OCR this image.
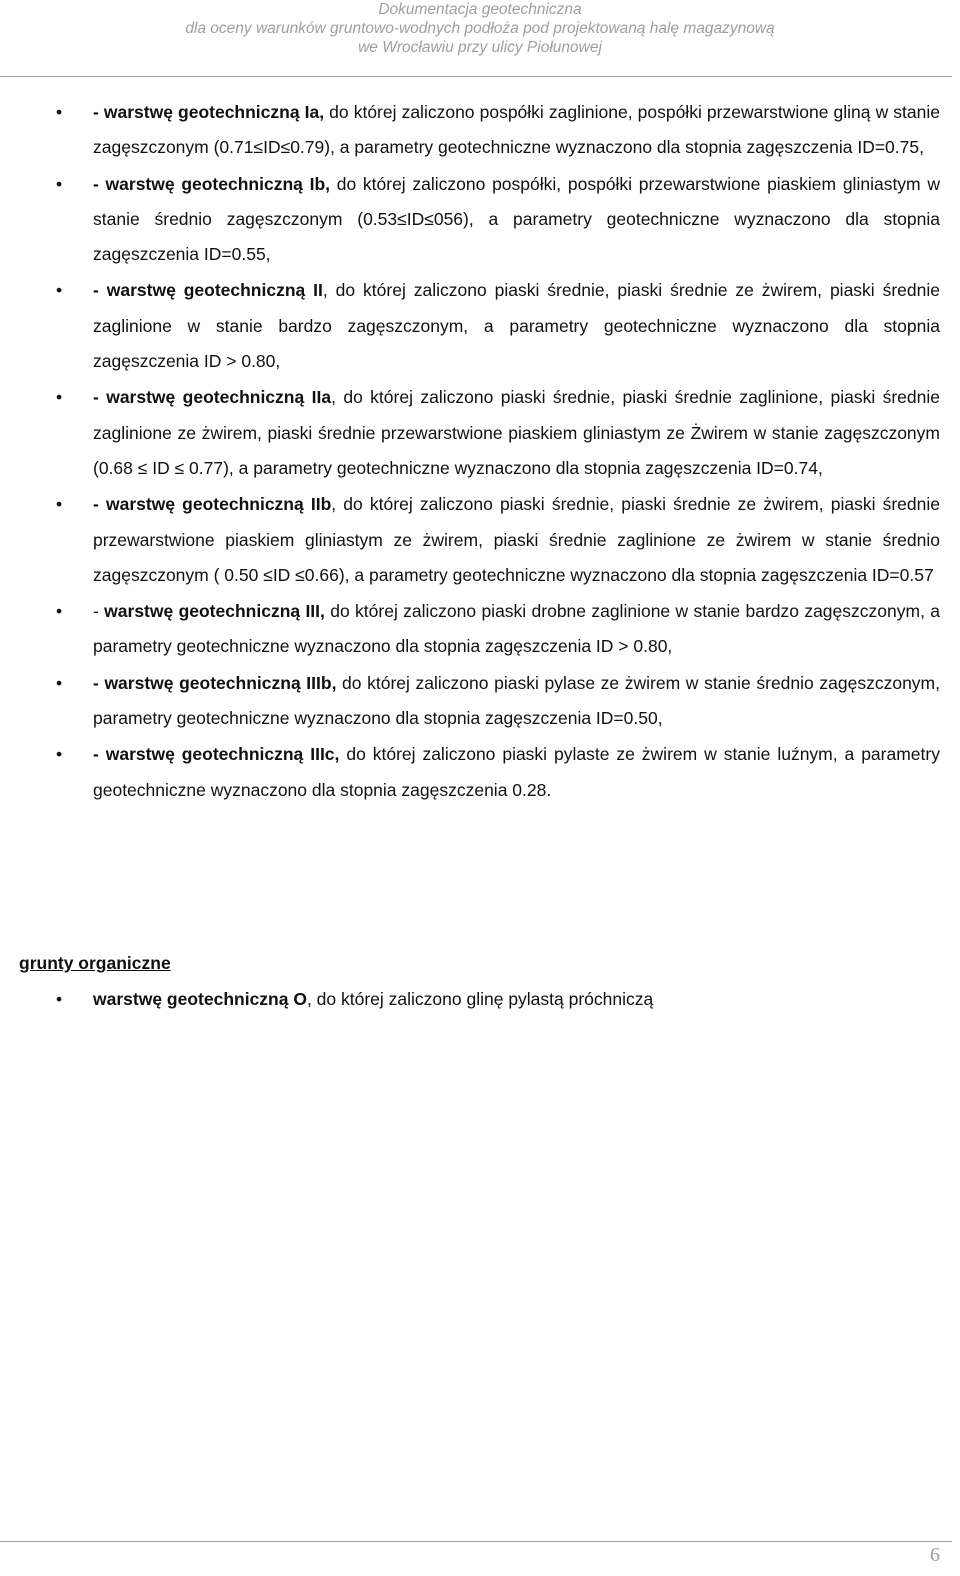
Dokumentacja geotechniczna
dla oceny warunków gruntowo-wodnych podłoża pod projektowaną halę magazynową
we Wrocławiu przy ulicy Piołunowej
• - warstwę geotechniczną Ia, do której zaliczono pospółki zaglinione, pospółki przewarstwione gliną w stanie zagęszczonym (0.71≤ID≤0.79), a parametry geotechniczne wyznaczono dla stopnia zagęszczenia ID=0.75,
• - warstwę geotechniczną Ib, do której zaliczono pospółki, pospółki przewarstwione piaskiem gliniastym w stanie średnio zagęszczonym (0.53≤ID≤056), a parametry geotechniczne wyznaczono dla stopnia zagęszczenia ID=0.55,
• - warstwę geotechniczną II, do której zaliczono piaski średnie, piaski średnie ze żwirem, piaski średnie zaglinione w stanie bardzo zagęszczonym, a parametry geotechniczne wyznaczono dla stopnia zagęszczenia ID > 0.80,
• - warstwę geotechniczną IIa, do której zaliczono piaski średnie, piaski średnie zaglinione, piaski średnie zaglinione ze żwirem, piaski średnie przewarstwione piaskiem gliniastym ze Żwirem w stanie zagęszczonym (0.68 ≤ ID ≤ 0.77), a parametry geotechniczne wyznaczono dla stopnia zagęszczenia ID=0.74,
• - warstwę geotechniczną IIb, do której zaliczono piaski średnie, piaski średnie ze żwirem, piaski średnie przewarstwione piaskiem gliniastym ze żwirem, piaski średnie zaglinione ze żwirem w stanie średnio zagęszczonym ( 0.50 ≤ID ≤0.66), a parametry geotechniczne wyznaczono dla stopnia zagęszczenia ID=0.57
• - warstwę geotechniczną III, do której zaliczono piaski drobne zaglinione w stanie bardzo zagęszczonym, a parametry geotechniczne wyznaczono dla stopnia zagęszczenia ID > 0.80,
• - warstwę geotechniczną IIIb, do której zaliczono piaski pylase ze żwirem w stanie średnio zagęszczonym, parametry geotechniczne wyznaczono dla stopnia zagęszczenia ID=0.50,
• - warstwę geotechniczną IIIc, do której zaliczono piaski pylaste ze żwirem w stanie luźnym, a parametry geotechniczne wyznaczono dla stopnia zagęszczenia 0.28.
grunty organiczne
• warstwę geotechniczną O, do której zaliczono glinę pylastą próchniczą
6
